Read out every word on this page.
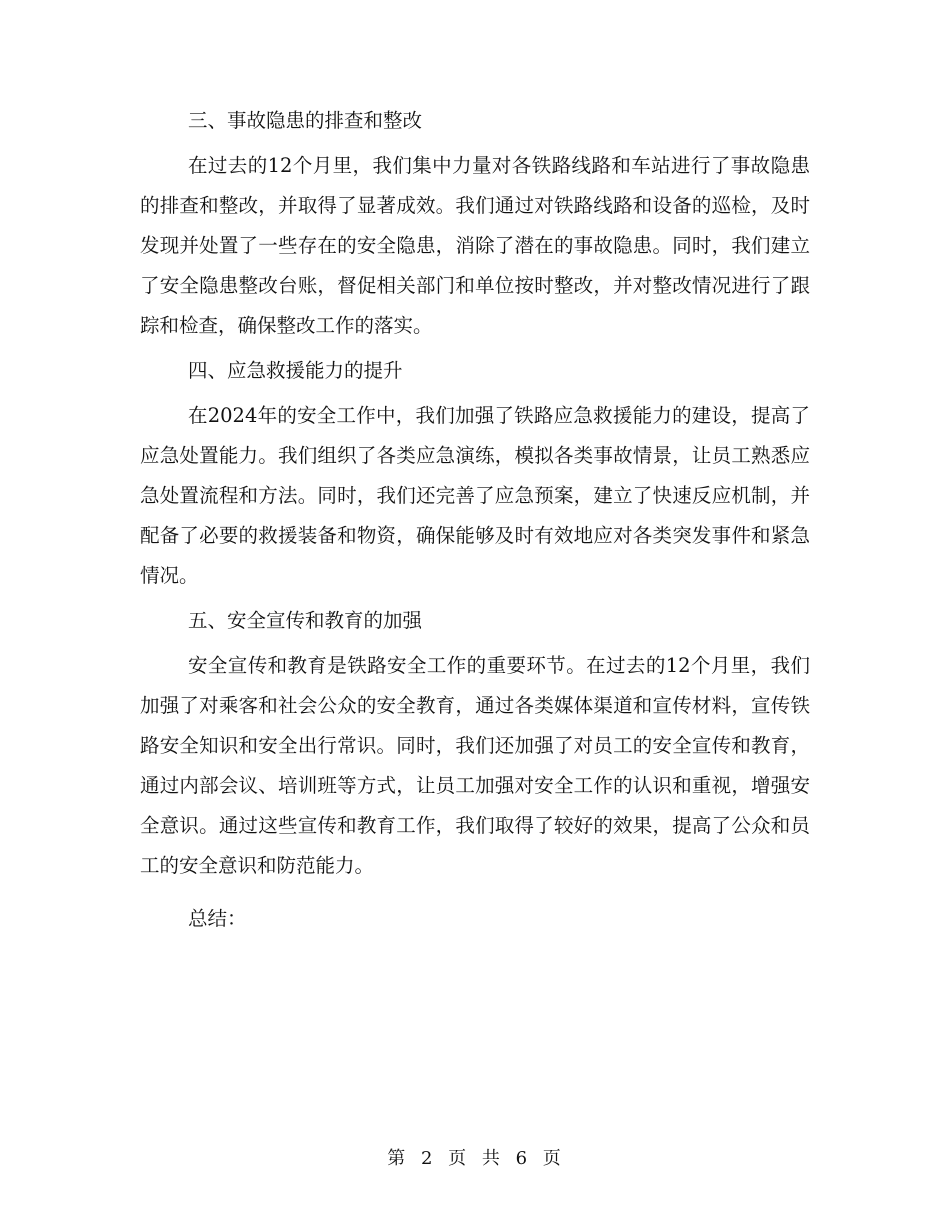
三、事故隐患的排查和整改

在过去的12个月里，我们集中力量对各铁路线路和车站进行了事故隐患的排查和整改，并取得了显著成效。我们通过对铁路线路和设备的巡检，及时发现并处置了一些存在的安全隐患，消除了潜在的事故隐患。同时，我们建立了安全隐患整改台账，督促相关部门和单位按时整改，并对整改情况进行了跟踪和检查，确保整改工作的落实。

四、应急救援能力的提升

在2024年的安全工作中，我们加强了铁路应急救援能力的建设，提高了应急处置能力。我们组织了各类应急演练，模拟各类事故情景，让员工熟悉应急处置流程和方法。同时，我们还完善了应急预案，建立了快速反应机制，并配备了必要的救援装备和物资，确保能够及时有效地应对各类突发事件和紧急情况。

五、安全宣传和教育的加强

安全宣传和教育是铁路安全工作的重要环节。在过去的12个月里，我们加强了对乘客和社会公众的安全教育，通过各类媒体渠道和宣传材料，宣传铁路安全知识和安全出行常识。同时，我们还加强了对员工的安全宣传和教育，通过内部会议、培训班等方式，让员工加强对安全工作的认识和重视，增强安全意识。通过这些宣传和教育工作，我们取得了较好的效果，提高了公众和员工的安全意识和防范能力。

总结：
第 2 页 共 6 页
